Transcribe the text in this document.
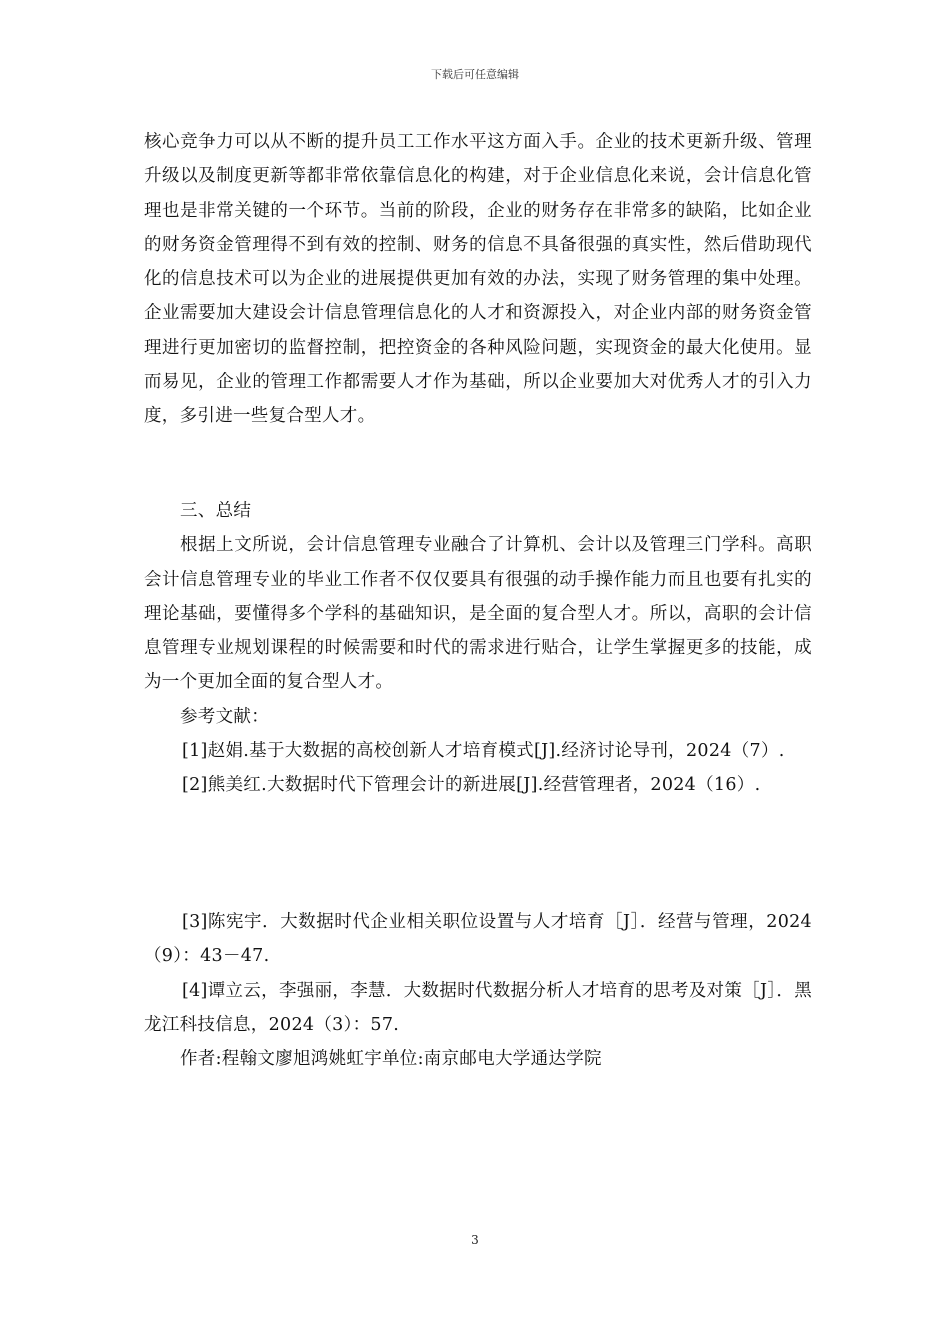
下载后可任意编辑

核心竞争力可以从不断的提升员工工作水平这方面入手。企业的技术更新升级、管理升级以及制度更新等都非常依靠信息化的构建，对于企业信息化来说，会计信息化管理也是非常关键的一个环节。当前的阶段，企业的财务存在非常多的缺陷，比如企业的财务资金管理得不到有效的控制、财务的信息不具备很强的真实性，然后借助现代化的信息技术可以为企业的进展提供更加有效的办法，实现了财务管理的集中处理。企业需要加大建设会计信息管理信息化的人才和资源投入，对企业内部的财务资金管理进行更加密切的监督控制，把控资金的各种风险问题，实现资金的最大化使用。显而易见，企业的管理工作都需要人才作为基础，所以企业要加大对优秀人才的引入力度，多引进一些复合型人才。

三、总结

根据上文所说，会计信息管理专业融合了计算机、会计以及管理三门学科。高职会计信息管理专业的毕业工作者不仅仅要具有很强的动手操作能力而且也要有扎实的理论基础，要懂得多个学科的基础知识，是全面的复合型人才。所以，高职的会计信息管理专业规划课程的时候需要和时代的需求进行贴合，让学生掌握更多的技能，成为一个更加全面的复合型人才。

参考文献：

[1]赵娟.基于大数据的高校创新人才培育模式[J].经济讨论导刊，2024（7）.

[2]熊美红.大数据时代下管理会计的新进展[J].经营管理者，2024（16）.

[3]陈宪宇．大数据时代企业相关职位设置与人才培育［J］．经营与管理，2024（9）：43－47.

[4]谭立云，李强丽，李慧．大数据时代数据分析人才培育的思考及对策［J］．黑龙江科技信息，2024（3）：57.

作者:程翰文廖旭鸿姚虹宇单位:南京邮电大学通达学院

3
